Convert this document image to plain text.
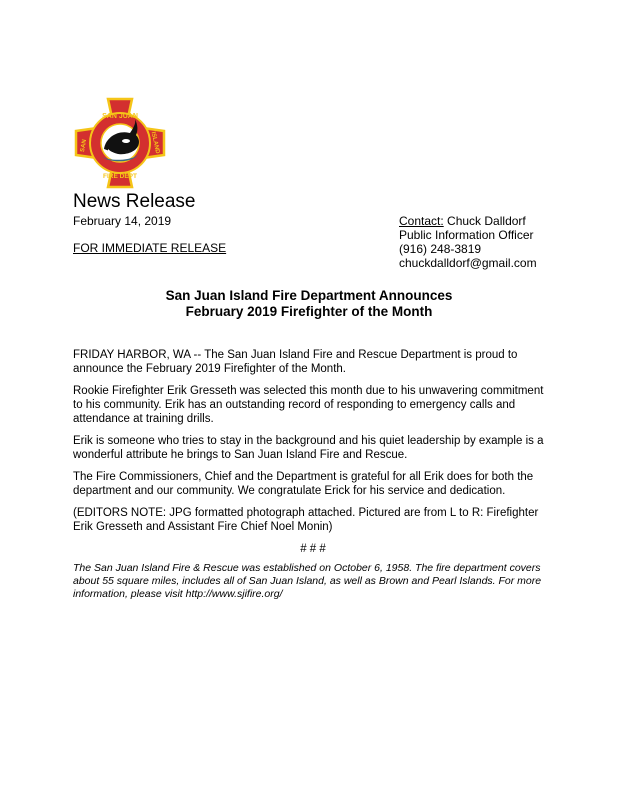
SAN JUAN
SAN	ISLAND
FIRE DEPT
News Release
February 14, 2019
FOR IMMEDIATE RELEASE
Contact: Chuck Dalldorf
Public Information Officer
(916) 248-3819
chuckdalldorf@gmail.com
San Juan Island Fire Department Announces
February 2019 Firefighter of the Month

FRIDAY HARBOR, WA -- The San Juan Island Fire and Rescue Department is proud to announce the February 2019 Firefighter of the Month.

Rookie Firefighter Erik Gresseth was selected this month due to his unwavering commitment to his community. Erik has an outstanding record of responding to emergency calls and attendance at training drills.

Erik is someone who tries to stay in the background and his quiet leadership by example is a wonderful attribute he brings to San Juan Island Fire and Rescue.

The Fire Commissioners, Chief and the Department is grateful for all Erik does for both the department and our community. We congratulate Erick for his service and dedication.

(EDITORS NOTE: JPG formatted photograph attached. Pictured are from L to R: Firefighter Erik Gresseth and Assistant Fire Chief Noel Monin)

# # #

The San Juan Island Fire & Rescue was established on October 6, 1958. The fire department covers about 55 square miles, includes all of San Juan Island, as well as Brown and Pearl Islands. For more information, please visit http://www.sjifire.org/
